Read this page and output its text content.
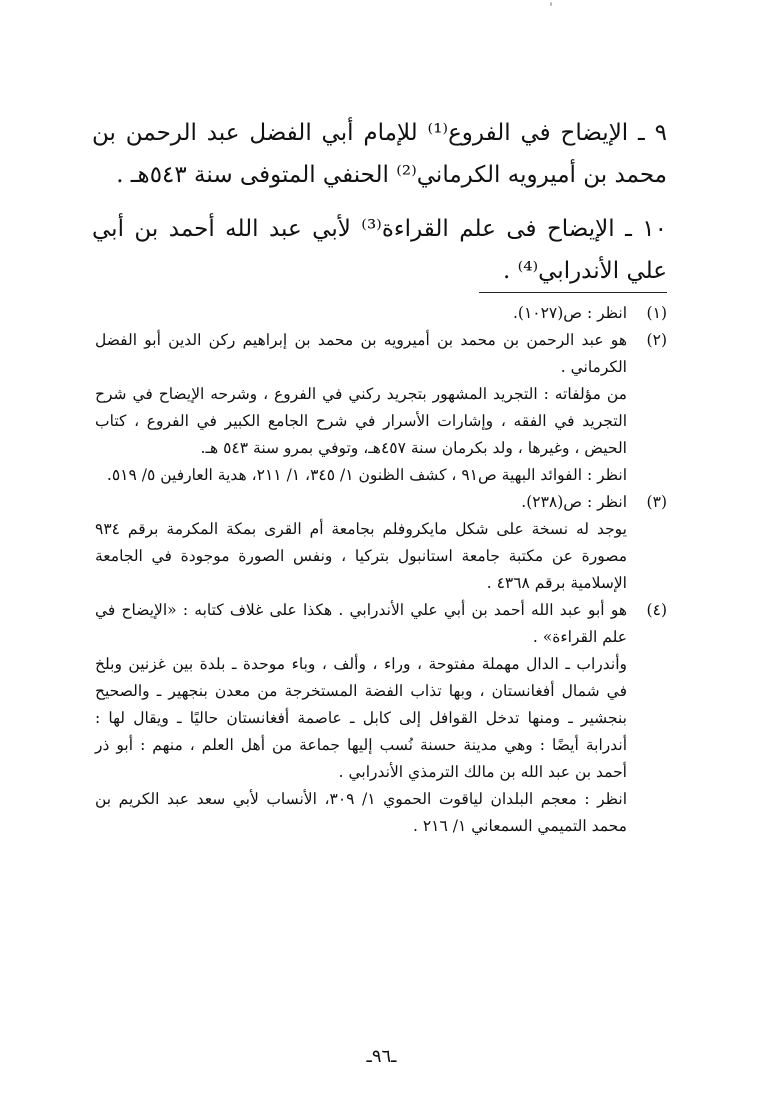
٩ ـ الإيضاح في الفروع⁽¹⁾ للإمام أبي الفضل عبد الرحمن بن محمد بن أميرويه الكرماني⁽²⁾ الحنفي المتوفى سنة ٥٤٣هـ .

١٠ ـ الإيضاح فى علم القراءة⁽³⁾ لأبي عبد الله أحمد بن أبي علي الأندرابي⁽⁴⁾ .

(١)
انظر : ص(١٠٢٧).
(٢)
هو عبد الرحمن بن محمد بن أميرويه بن محمد بن إبراهيم ركن الدين أبو الفضل الكرماني .
من مؤلفاته : التجريد المشهور بتجريد ركني في الفروع ، وشرحه الإيضاح في شرح التجريد في الفقه ، وإشارات الأسرار في شرح الجامع الكبير في الفروع ، كتاب الحيض ، وغيرها ، ولد بكرمان سنة ٤٥٧هـ، وتوفي بمرو سنة ٥٤٣ هـ.
انظر : الفوائد البهية ص٩١ ، كشف الظنون ١/ ٣٤٥، ١/ ٢١١، هدية العارفين ٥/ ٥١٩.
(٣)
انظر : ص(٢٣٨).
يوجد له نسخة على شكل مايكروفلم بجامعة أم القرى بمكة المكرمة برقم ٩٣٤ مصورة عن مكتبة جامعة استانبول بتركيا ، ونفس الصورة موجودة في الجامعة الإسلامية برقم ٤٣٦٨ .
(٤)
هو أبو عبد الله أحمد بن أبي علي الأندرابي . هكذا على غلاف كتابه : «الإيضاح في علم القراءة» .
وأندراب ـ الدال مهملة مفتوحة ، وراء ، وألف ، وباء موحدة ـ بلدة بين غزنين وبلخ في شمال أفغانستان ، وبها تذاب الفضة المستخرجة من معدن بنجهير ـ والصحيح بنجشير ـ ومنها تدخل القوافل إلى كابل ـ عاصمة أفغانستان حاليًا ـ ويقال لها : أندرابة أيضًا : وهي مدينة حسنة نُسب إليها جماعة من أهل العلم ، منهم : أبو ذر أحمد بن عبد الله بن مالك الترمذي الأندرابي .
انظر : معجم البلدان لياقوت الحموي ١/ ٣٠٩، الأنساب لأبي سعد عبد الكريم بن محمد التميمي السمعاني ١/ ٢١٦ .
ـ٩٦ـ
